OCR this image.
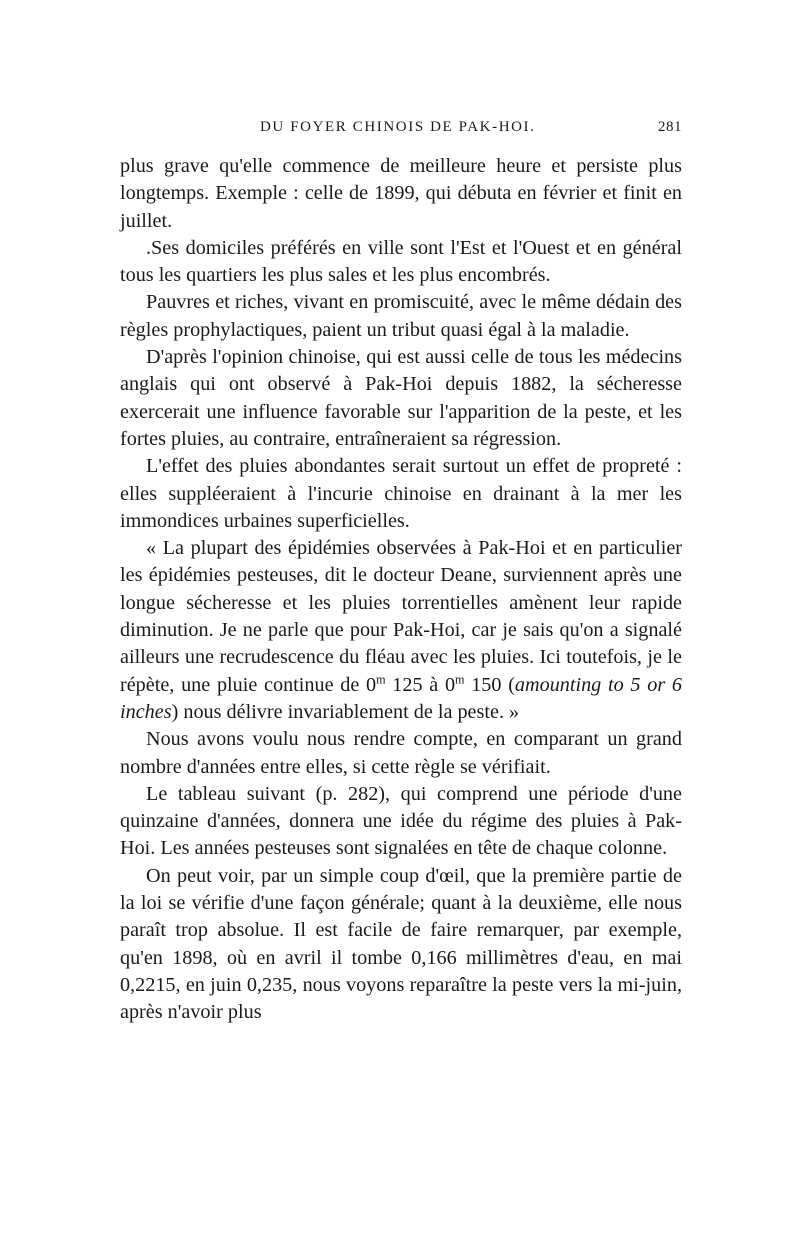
DU FOYER CHINOIS DE PAK-HOI.	281

plus grave qu'elle commence de meilleure heure et persiste plus longtemps. Exemple : celle de 1899, qui débuta en février et finit en juillet.

.Ses domiciles préférés en ville sont l'Est et l'Ouest et en général tous les quartiers les plus sales et les plus encombrés.

Pauvres et riches, vivant en promiscuité, avec le même dédain des règles prophylactiques, paient un tribut quasi égal à la maladie.

D'après l'opinion chinoise, qui est aussi celle de tous les médecins anglais qui ont observé à Pak-Hoi depuis 1882, la sécheresse exercerait une influence favorable sur l'apparition de la peste, et les fortes pluies, au contraire, entraîneraient sa régression.

L'effet des pluies abondantes serait surtout un effet de propreté : elles suppléeraient à l'incurie chinoise en drainant à la mer les immondices urbaines superficielles.

« La plupart des épidémies observées à Pak-Hoi et en particulier les épidémies pesteuses, dit le docteur Deane, surviennent après une longue sécheresse et les pluies torrentielles amènent leur rapide diminution. Je ne parle que pour Pak-Hoi, car je sais qu'on a signalé ailleurs une recrudescence du fléau avec les pluies. Ici toutefois, je le répète, une pluie continue de 0$^m$ 125 à 0$^m$ 150 (amounting to 5 or 6 inches) nous délivre invariablement de la peste. »

Nous avons voulu nous rendre compte, en comparant un grand nombre d'années entre elles, si cette règle se vérifiait.

Le tableau suivant (p. 282), qui comprend une période d'une quinzaine d'années, donnera une idée du régime des pluies à Pak-Hoi. Les années pesteuses sont signalées en tête de chaque colonne.

On peut voir, par un simple coup d'œil, que la première partie de la loi se vérifie d'une façon générale; quant à la deuxième, elle nous paraît trop absolue. Il est facile de faire remarquer, par exemple, qu'en 1898, où en avril il tombe 0,166 millimètres d'eau, en mai 0,2215, en juin 0,235, nous voyons reparaître la peste vers la mi-juin, après n'avoir plus
